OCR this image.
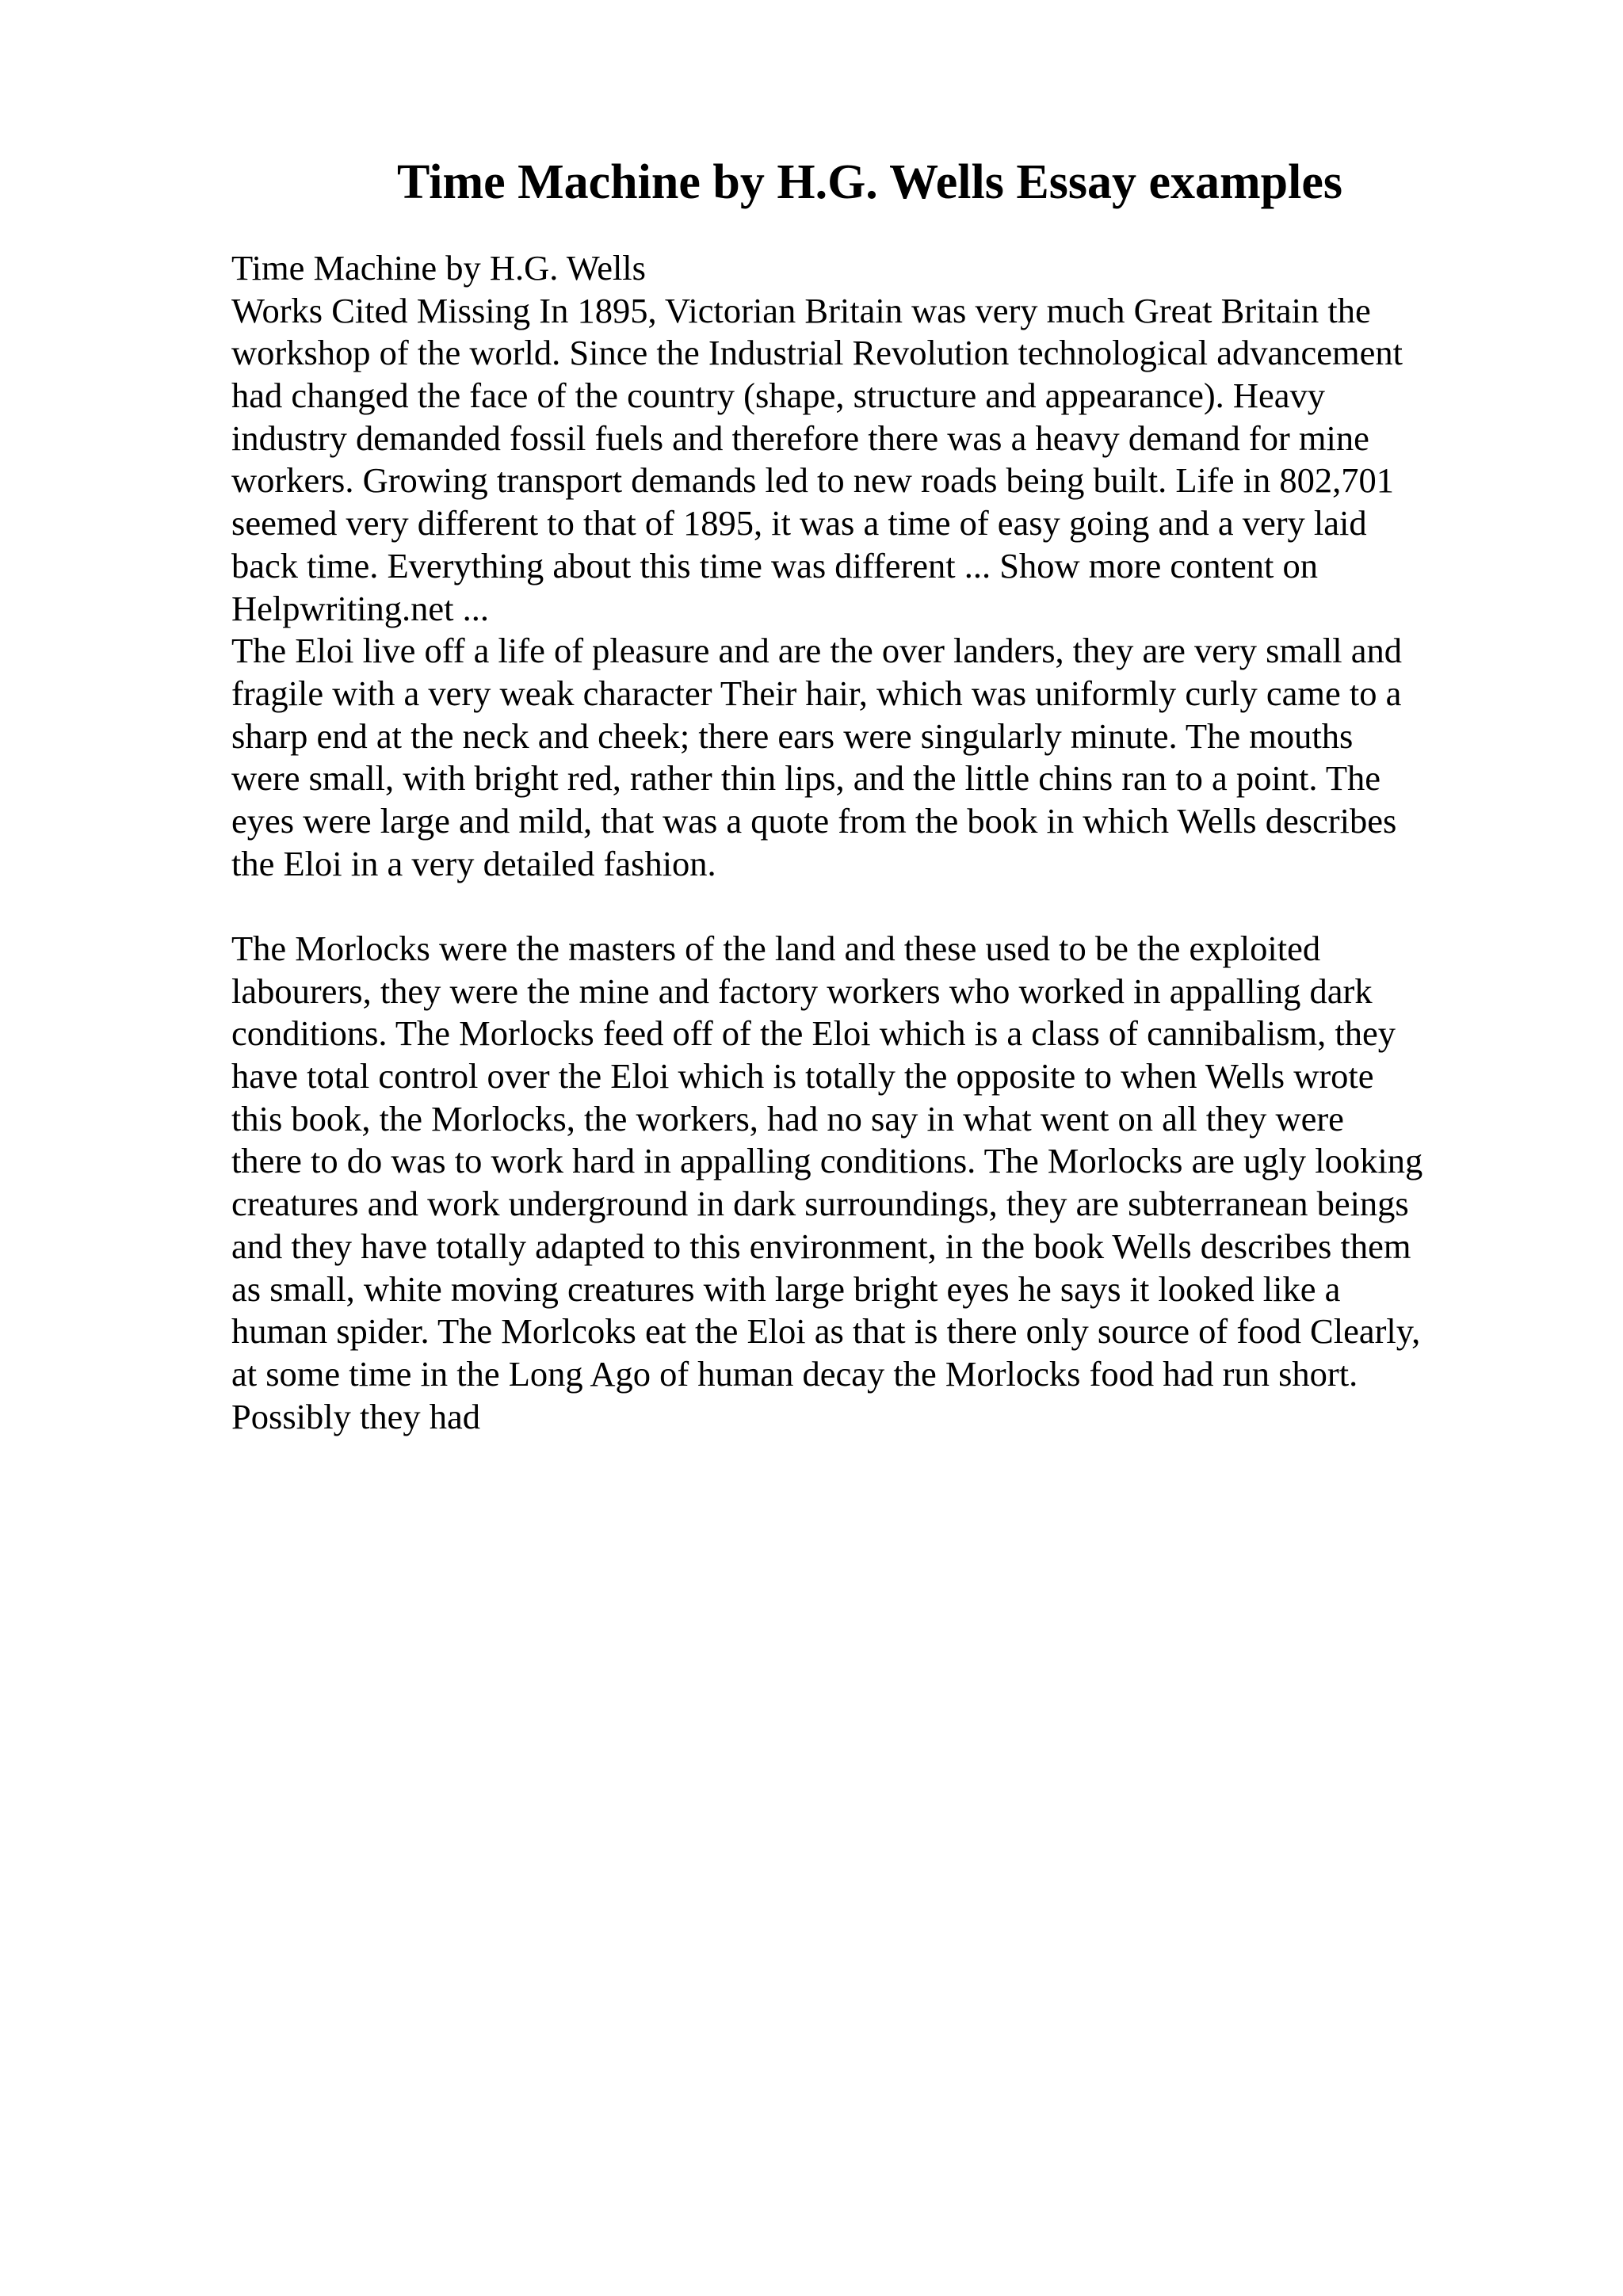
Time Machine by H.G. Wells Essay examples
Time Machine by H.G. Wells
Works Cited Missing In 1895, Victorian Britain was very much Great Britain the
workshop of the world. Since the Industrial Revolution technological advancement
had changed the face of the country (shape, structure and appearance). Heavy
industry demanded fossil fuels and therefore there was a heavy demand for mine
workers. Growing transport demands led to new roads being built. Life in 802,701
seemed very different to that of 1895, it was a time of easy going and a very laid
back time. Everything about this time was different ... Show more content on
Helpwriting.net ...
The Eloi live off a life of pleasure and are the over landers, they are very small and
fragile with a very weak character Their hair, which was uniformly curly came to a
sharp end at the neck and cheek; there ears were singularly minute. The mouths
were small, with bright red, rather thin lips, and the little chins ran to a point. The
eyes were large and mild, that was a quote from the book in which Wells describes
the Eloi in a very detailed fashion.
The Morlocks were the masters of the land and these used to be the exploited
labourers, they were the mine and factory workers who worked in appalling dark
conditions. The Morlocks feed off of the Eloi which is a class of cannibalism, they
have total control over the Eloi which is totally the opposite to when Wells wrote
this book, the Morlocks, the workers, had no say in what went on all they were
there to do was to work hard in appalling conditions. The Morlocks are ugly looking
creatures and work underground in dark surroundings, they are subterranean beings
and they have totally adapted to this environment, in the book Wells describes them
as small, white moving creatures with large bright eyes he says it looked like a
human spider. The Morlcoks eat the Eloi as that is there only source of food Clearly,
at some time in the Long Ago of human decay the Morlocks food had run short.
Possibly they had
